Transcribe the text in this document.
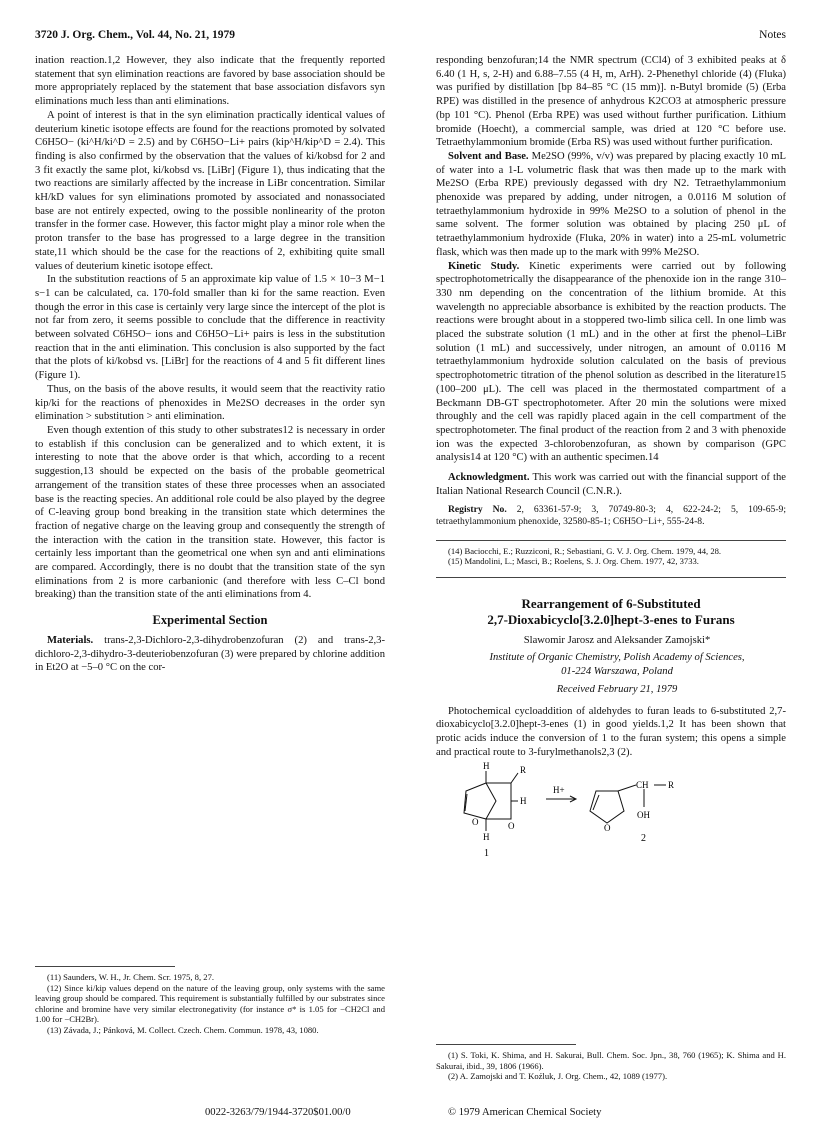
3720 J. Org. Chem., Vol. 44, No. 21, 1979	Notes

ination reaction.1,2 However, they also indicate that the frequently reported statement that syn elimination reactions are favored by base association should be more appropriately replaced by the statement that base association disfavors syn eliminations much less than anti eliminations.

A point of interest is that in the syn elimination practically identical values of deuterium kinetic isotope effects are found for the reactions promoted by solvated C6H5O− (ki^H/ki^D = 2.5) and by C6H5O−Li+ pairs (kip^H/kip^D = 2.4). This finding is also confirmed by the observation that the values of ki/kobsd for 2 and 3 fit exactly the same plot, ki/kobsd vs. [LiBr] (Figure 1), thus indicating that the two reactions are similarly affected by the increase in LiBr concentration. Similar kH/kD values for syn eliminations promoted by associated and nonassociated base are not entirely expected, owing to the possible nonlinearity of the proton transfer in the former case. However, this factor might play a minor role when the proton transfer to the base has progressed to a large degree in the transition state,11 which should be the case for the reactions of 2, exhibiting quite small values of deuterium kinetic isotope effect.

In the substitution reactions of 5 an approximate kip value of 1.5 × 10−3 M−1 s−1 can be calculated, ca. 170-fold smaller than ki for the same reaction. Even though the error in this case is certainly very large since the intercept of the plot is not far from zero, it seems possible to conclude that the difference in reactivity between solvated C6H5O− ions and C6H5O−Li+ pairs is less in the substitution reaction that in the anti elimination. This conclusion is also supported by the fact that the plots of ki/kobsd vs. [LiBr] for the reactions of 4 and 5 fit different lines (Figure 1).

Thus, on the basis of the above results, it would seem that the reactivity ratio kip/ki for the reactions of phenoxides in Me2SO decreases in the order syn elimination > substitution > anti elimination.

Even though extention of this study to other substrates12 is necessary in order to establish if this conclusion can be generalized and to which extent, it is interesting to note that the above order is that which, according to a recent suggestion,13 should be expected on the basis of the probable geometrical arrangement of the transition states of these three processes when an associated base is the reacting species. An additional role could be also played by the degree of C-leaving group bond breaking in the transition state which determines the fraction of negative charge on the leaving group and consequently the strength of the interaction with the cation in the transition state. However, this factor is certainly less important than the geometrical one when syn and anti eliminations are compared. Accordingly, there is no doubt that the transition state of the syn eliminations from 2 is more carbanionic (and therefore with less C–Cl bond breaking) than the transition state of the anti eliminations from 4.

Experimental Section

Materials. trans-2,3-Dichloro-2,3-dihydrobenzofuran (2) and trans-2,3-dichloro-2,3-dihydro-3-deuteriobenzofuran (3) were prepared by chlorine addition in Et2O at −5–0 °C on the cor-

(11) Saunders, W. H., Jr. Chem. Scr. 1975, 8, 27.

(12) Since ki/kip values depend on the nature of the leaving group, only systems with the same leaving group should be compared. This requirement is substantially fulfilled by our substrates since chlorine and bromine have very similar electronegativity (for instance σ* is 1.05 for −CH2Cl and 1.00 for −CH2Br).

(13) Závada, J.; Pánková, M. Collect. Czech. Chem. Commun. 1978, 43, 1080.

responding benzofuran;14 the NMR spectrum (CCl4) of 3 exhibited peaks at δ 6.40 (1 H, s, 2-H) and 6.88–7.55 (4 H, m, ArH). 2-Phenethyl chloride (4) (Fluka) was purified by distillation [bp 84–85 °C (15 mm)]. n-Butyl bromide (5) (Erba RPE) was distilled in the presence of anhydrous K2CO3 at atmospheric pressure (bp 101 °C). Phenol (Erba RPE) was used without further purification. Lithium bromide (Hoecht), a commercial sample, was dried at 120 °C before use. Tetraethylammonium bromide (Erba RS) was used without further purification.

Solvent and Base. Me2SO (99%, v/v) was prepared by placing exactly 10 mL of water into a 1-L volumetric flask that was then made up to the mark with Me2SO (Erba RPE) previously degassed with dry N2. Tetraethylammonium phenoxide was prepared by adding, under nitrogen, a 0.0116 M solution of tetraethylammonium hydroxide in 99% Me2SO to a solution of phenol in the same solvent. The former solution was obtained by placing 250 μL of tetraethylammonium hydroxide (Fluka, 20% in water) into a 25-mL volumetric flask, which was then made up to the mark with 99% Me2SO.

Kinetic Study. Kinetic experiments were carried out by following spectrophotometrically the disappearance of the phenoxide ion in the range 310–330 nm depending on the concentration of the lithium bromide. At this wavelength no appreciable absorbance is exhibited by the reaction products. The reactions were brought about in a stoppered two-limb silica cell. In one limb was placed the substrate solution (1 mL) and in the other at first the phenol–LiBr solution (1 mL) and successively, under nitrogen, an amount of 0.0116 M tetraethylammonium hydroxide solution calculated on the basis of previous spectrophotometric titration of the phenol solution as described in the literature15 (100–200 μL). The cell was placed in the thermostated compartment of a Beckmann DB-GT spectrophotometer. After 20 min the solutions were mixed throughly and the cell was rapidly placed again in the cell compartment of the spectrophotometer. The final product of the reaction from 2 and 3 with phenoxide ion was the expected 3-chlorobenzofuran, as shown by comparison (GPC analysis14 at 120 °C) with an authentic specimen.14

Acknowledgment. This work was carried out with the financial support of the Italian National Research Council (C.N.R.).

Registry No. 2, 63361-57-9; 3, 70749-80-3; 4, 622-24-2; 5, 109-65-9; tetraethylammonium phenoxide, 32580-85-1; C6H5O−Li+, 555-24-8.

(14) Baciocchi, E.; Ruzziconi, R.; Sebastiani, G. V. J. Org. Chem. 1979, 44, 28.

(15) Mandolini, L.; Masci, B.; Roelens, S. J. Org. Chem. 1977, 42, 3733.

Rearrangement of 6-Substituted
2,7-Dioxabicyclo[3.2.0]hept-3-enes to Furans

Slawomir Jarosz and Aleksander Zamojski*

Institute of Organic Chemistry, Polish Academy of Sciences,

01-224 Warszawa, Poland

Received February 21, 1979

Photochemical cycloaddition of aldehydes to furan leads to 6-substituted 2,7-dioxabicyclo[3.2.0]hept-3-enes (1) in good yields.1,2 It has been shown that protic acids induce the conversion of 1 to the furan system; this opens a simple and practical route to 3-furylmethanols2,3 (2).

H	R
H
O	O
H
1
H+
O
CH R
OH
2

(1) S. Toki, K. Shima, and H. Sakurai, Bull. Chem. Soc. Jpn., 38, 760 (1965); K. Shima and H. Sakurai, ibid., 39, 1806 (1966).

(2) A. Zamojski and T. Koźluk, J. Org. Chem., 42, 1089 (1977).

0022-3263/79/1944-3720$01.00/0	© 1979 American Chemical Society
